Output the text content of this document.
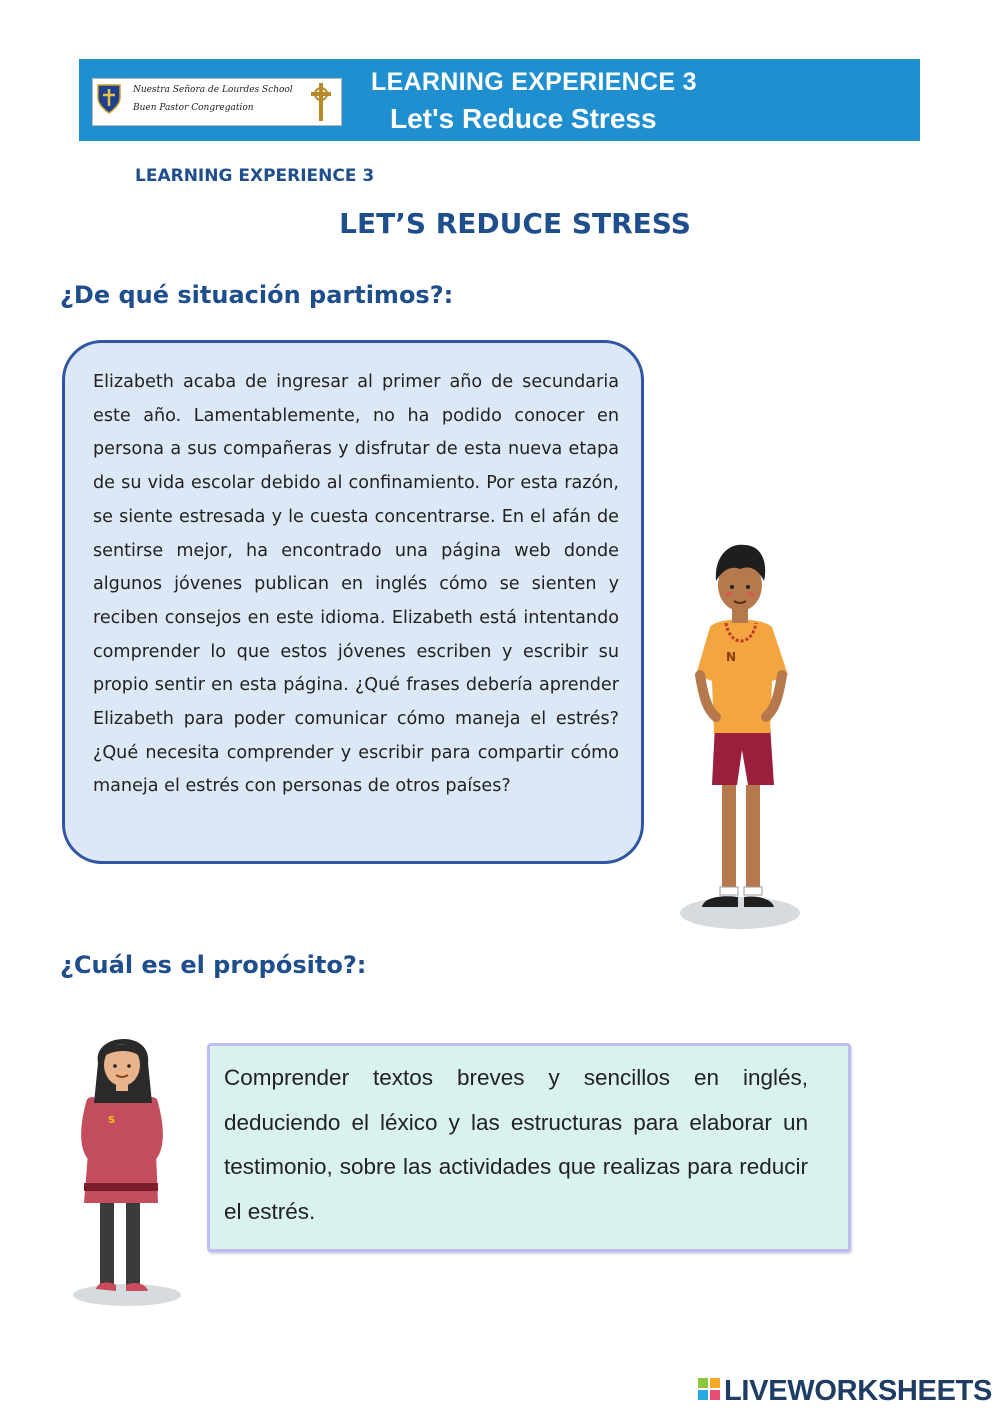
Nuestra Señora de Lourdes School
Buen Pastor Congregation
LEARNING EXPERIENCE 3
Let's Reduce Stress
LEARNING EXPERIENCE 3
LET’S REDUCE STRESS
¿De qué situación partimos?:

Elizabeth acaba de ingresar al primer año de secundaria este año. Lamentablemente, no ha podido conocer en persona a sus compañeras y disfrutar de esta nueva etapa de su vida escolar debido al confinamiento. Por esta razón, se siente estresada y le cuesta concentrarse. En el afán de sentirse mejor, ha encontrado una página web donde algunos jóvenes publican en inglés cómo se sienten y reciben consejos en este idioma. Elizabeth está intentando comprender lo que estos jóvenes escriben y escribir su propio sentir en esta página. ¿Qué frases debería aprender Elizabeth para poder comunicar cómo maneja el estrés? ¿Qué necesita comprender y escribir para compartir cómo maneja el estrés con personas de otros países?

N
¿Cuál es el propósito?:
S

Comprender textos breves y sencillos en inglés, deduciendo el léxico y las estructuras para elaborar un testimonio, sobre las actividades que realizas para reducir el estrés.

LIVEWORKSHEETS
